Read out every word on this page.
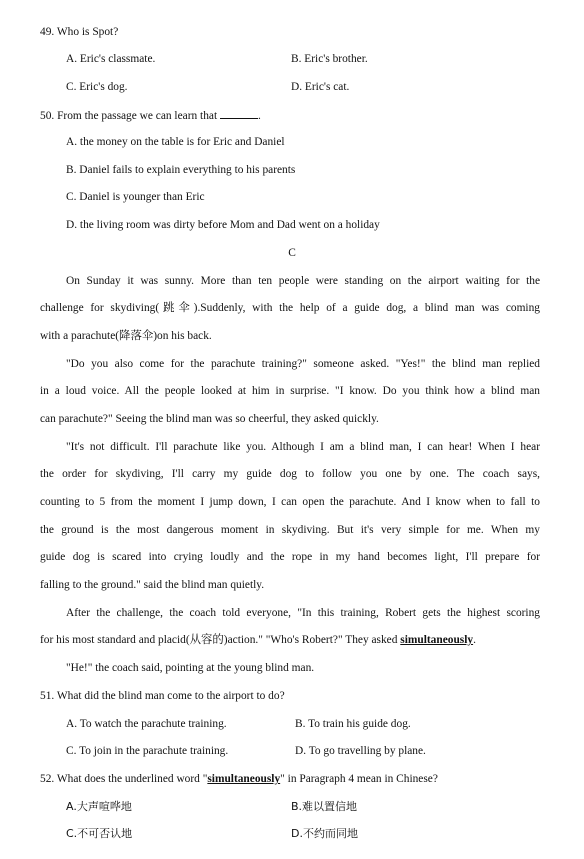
49. Who is Spot?
A. Eric's classmate.	B. Eric's brother.
C. Eric's dog.	D. Eric's cat.
50. From the passage we can learn that	.
A. the money on the table is for Eric and Daniel
B. Daniel fails to explain everything to his parents
C. Daniel is younger than Eric
D. the living room was dirty before Mom and Dad went on a holiday
C
On Sunday it was sunny. More than ten people were standing on the airport waiting for the
challenge for skydiving(跳伞).Suddenly, with the help of a guide dog, a blind man was coming
with a parachute(降落伞)on his back.
"Do you also come for the parachute training?" someone asked. "Yes!" the blind man replied
in a loud voice. All the people looked at him in surprise. "I know. Do you think how a blind man
can parachute?" Seeing the blind man was so cheerful, they asked quickly.
"It's not difficult. I'll parachute like you. Although I am a blind man, I can hear! When I hear
the order for skydiving, I'll carry my guide dog to follow you one by one. The coach says,
counting to 5 from the moment I jump down, I can open the parachute. And I know when to fall to
the ground is the most dangerous moment in skydiving. But it's very simple for me. When my
guide dog is scared into crying loudly and the rope in my hand becomes light, I'll prepare for
falling to the ground." said the blind man quietly.
After the challenge, the coach told everyone, "In this training, Robert gets the highest scoring
for his most standard and placid(从容的)action." "Who's Robert?" They asked simultaneously.
"He!" the coach said, pointing at the young blind man.
51. What did the blind man come to the airport to do?
A. To watch the parachute training.	B. To train his guide dog.
C. To join in the parachute training.	D. To go travelling by plane.
52. What does the underlined word "simultaneously" in Paragraph 4 mean in Chinese?
A.大声喧哗地	B.难以置信地
C.不可否认地	D.不约而同地
